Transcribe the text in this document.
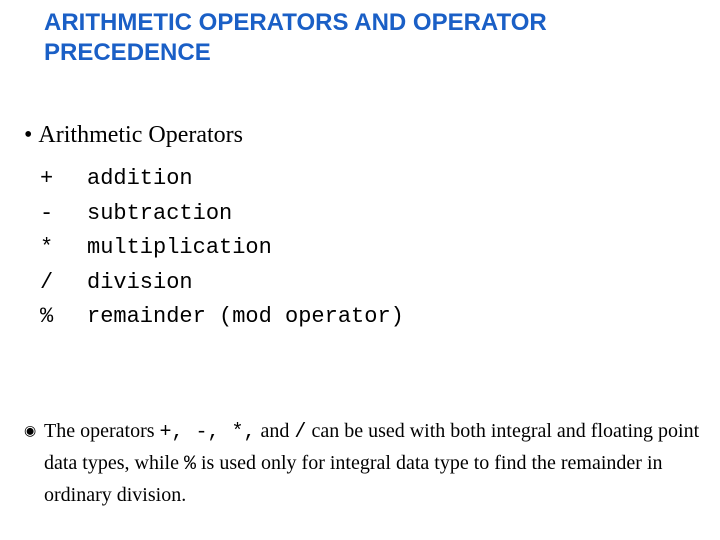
ARITHMETIC OPERATORS AND OPERATOR
PRECEDENCE
• Arithmetic Operators
+	addition
-	subtraction
*	multiplication
/	division
%	remainder (mod operator)
◉ The operators +, -, *, and / can be used with both integral and floating point data types, while % is used only for integral data type to find the remainder in ordinary division.
